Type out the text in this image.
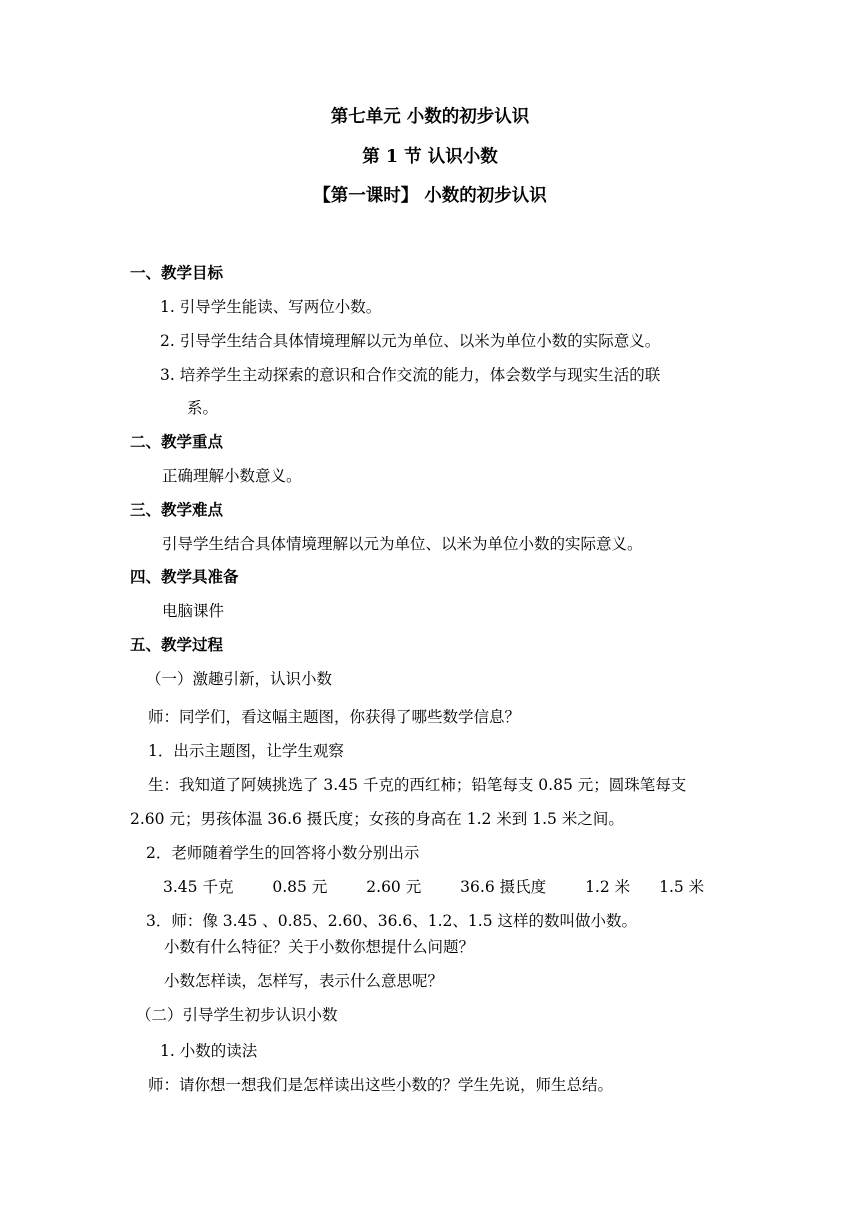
第七单元 小数的初步认识
第 1 节 认识小数
【第一课时】 小数的初步认识
一、教学目标
1. 引导学生能读、写两位小数。
2. 引导学生结合具体情境理解以元为单位、以米为单位小数的实际意义。
3. 培养学生主动探索的意识和合作交流的能力，体会数学与现实生活的联
系。
二、教学重点
正确理解小数意义。
三、教学难点
引导学生结合具体情境理解以元为单位、以米为单位小数的实际意义。
四、教学具准备
电脑课件
五、教学过程
（一）激趣引新，认识小数
师：同学们，看这幅主题图，你获得了哪些数学信息？
1．出示主题图，让学生观察
生：我知道了阿姨挑选了 3.45 千克的西红柿；铅笔每支 0.85 元；圆珠笔每支
2.60 元；男孩体温 36.6 摄氏度；女孩的身高在 1.2 米到 1.5 米之间。
2．老师随着学生的回答将小数分别出示
3.45 千克	0.85 元	2.60 元	36.6 摄氏度	1.2 米 1.5 米
3．师：像 3.45 、0.85、2.60、36.6、1.2、1.5 这样的数叫做小数。
小数有什么特征？关于小数你想提什么问题？
小数怎样读，怎样写，表示什么意思呢？
（二）引导学生初步认识小数
1. 小数的读法
师：请你想一想我们是怎样读出这些小数的？学生先说，师生总结。
